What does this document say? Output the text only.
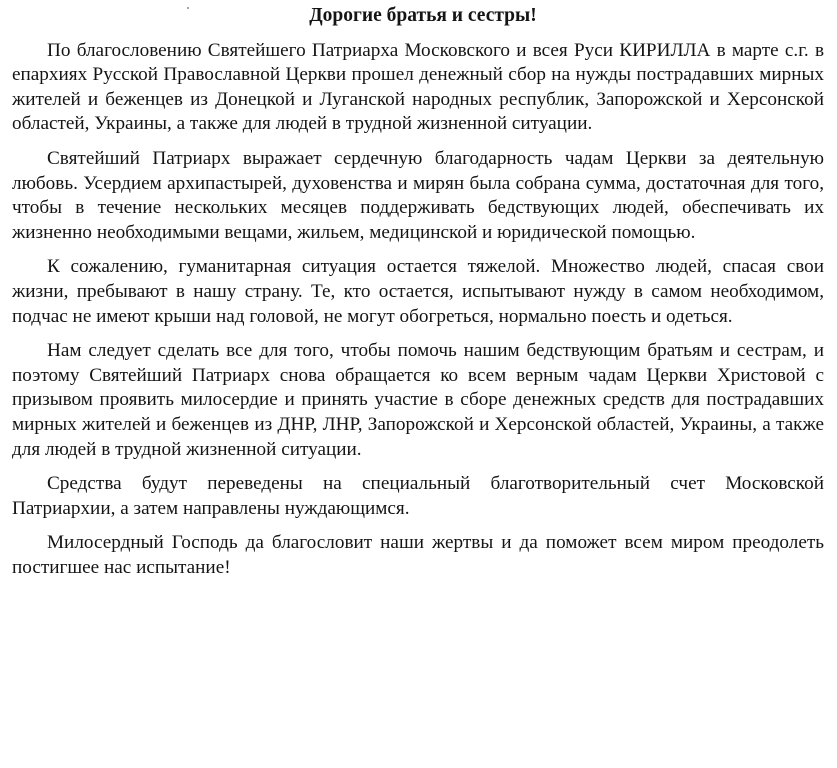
Дорогие братья и сестры!

По благословению Святейшего Патриарха Московского и всея Руси КИРИЛЛА в марте с.г. в епархиях Русской Православной Церкви прошел денежный сбор на нужды пострадавших мирных жителей и беженцев из Донецкой и Луганской народных республик, Запорожской и Херсонской областей, Украины, а также для людей в трудной жизненной ситуации.

Святейший Патриарх выражает сердечную благодарность чадам Церкви за деятельную любовь. Усердием архипастырей, духовенства и мирян была собрана сумма, достаточная для того, чтобы в течение нескольких месяцев поддерживать бедствующих людей, обеспечивать их жизненно необходимыми вещами, жильем, медицинской и юридической помощью.

К сожалению, гуманитарная ситуация остается тяжелой. Множество людей, спасая свои жизни, пребывают в нашу страну. Те, кто остается, испытывают нужду в самом необходимом, подчас не имеют крыши над головой, не могут обогреться, нормально поесть и одеться.

Нам следует сделать все для того, чтобы помочь нашим бедствующим братьям и сестрам, и поэтому Святейший Патриарх снова обращается ко всем верным чадам Церкви Христовой с призывом проявить милосердие и принять участие в сборе денежных средств для пострадавших мирных жителей и беженцев из ДНР, ЛНР, Запорожской и Херсонской областей, Украины, а также для людей в трудной жизненной ситуации.

Средства будут переведены на специальный благотворительный счет Московской Патриархии, а затем направлены нуждающимся.

Милосердный Господь да благословит наши жертвы и да поможет всем миром преодолеть постигшее нас испытание!
